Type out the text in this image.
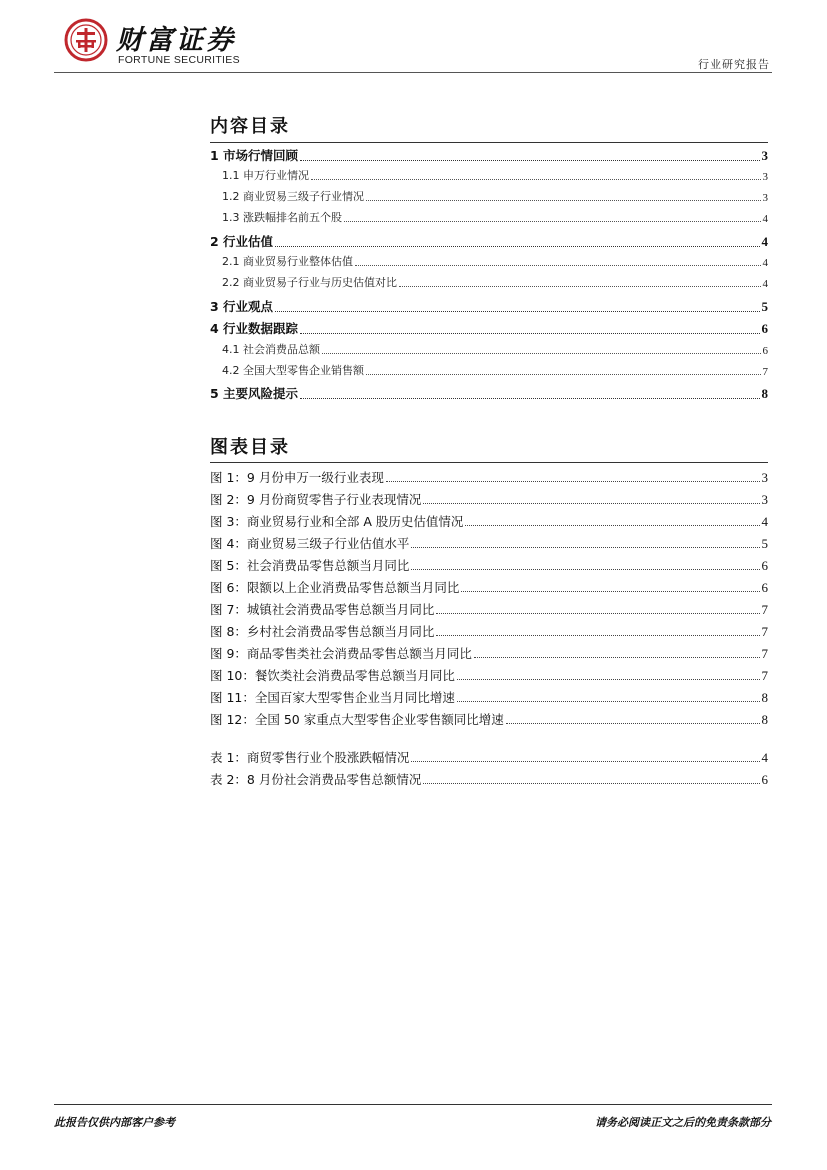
财富证券
FORTUNE SECURITIES	行业研究报告
内容目录
1 市场行情回顾	3
1.1 申万行业情况	3
1.2 商业贸易三级子行业情况	3
1.3 涨跌幅排名前五个股	4
2 行业估值	4
2.1 商业贸易行业整体估值	4
2.2 商业贸易子行业与历史估值对比	4
3 行业观点	5
4 行业数据跟踪	6
4.1 社会消费品总额	6
4.2 全国大型零售企业销售额	7
5 主要风险提示	8
图表目录
图 1：9 月份申万一级行业表现	3
图 2：9 月份商贸零售子行业表现情况	3
图 3：商业贸易行业和全部 A 股历史估值情况	4
图 4：商业贸易三级子行业估值水平	5
图 5：社会消费品零售总额当月同比	6
图 6：限额以上企业消费品零售总额当月同比	6
图 7：城镇社会消费品零售总额当月同比	7
图 8：乡村社会消费品零售总额当月同比	7
图 9：商品零售类社会消费品零售总额当月同比	7
图 10：餐饮类社会消费品零售总额当月同比	7
图 11：全国百家大型零售企业当月同比增速	8
图 12：全国 50 家重点大型零售企业零售额同比增速	8
表 1：商贸零售行业个股涨跌幅情况	4
表 2：8 月份社会消费品零售总额情况	6
此报告仅供内部客户参考	请务必阅读正文之后的免责条款部分
